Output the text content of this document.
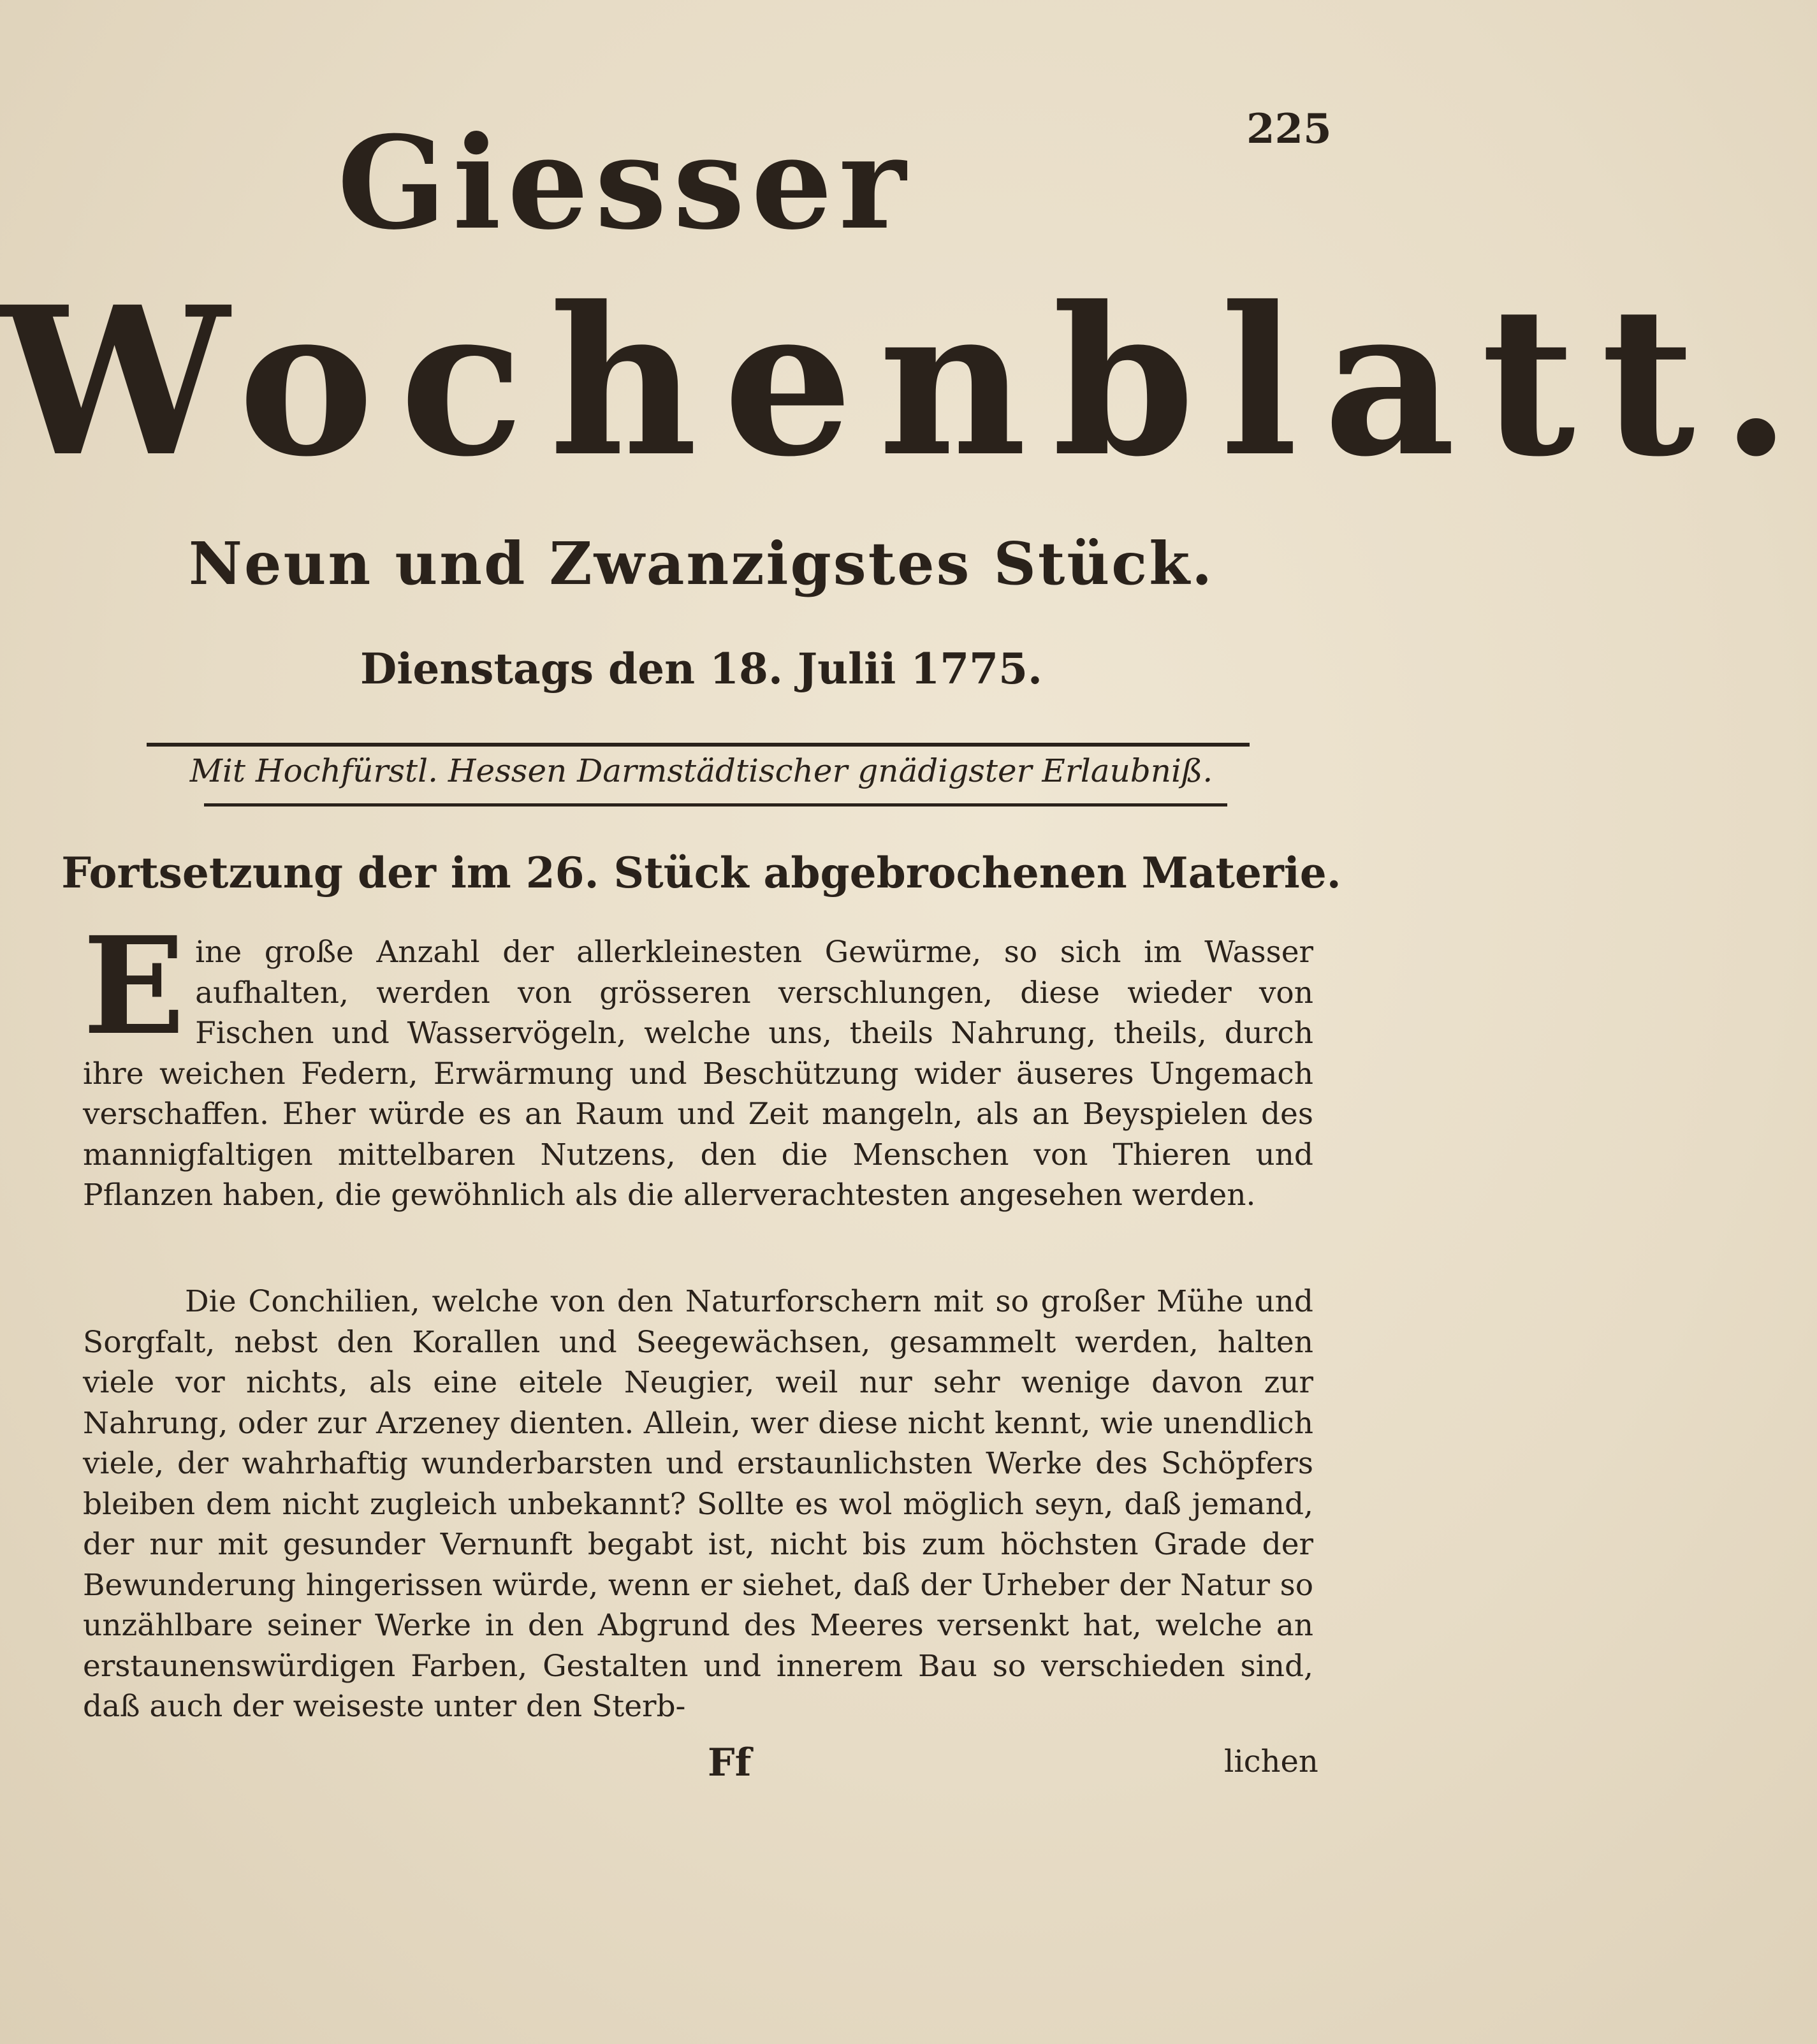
225
Giesser
Wochenblatt.
Neun und Zwanzigstes Stück.
Dienstags den 18. Julii 1775.
Mit Hochfürstl. Hessen Darmstädtischer gnädigster Erlaubniß.
Fortsetzung der im 26. Stück abgebrochenen Materie.
Eine große Anzahl der allerkleinesten Gewürme, so sich im Wasser aufhalten, werden von grösseren verschlungen, diese wieder von Fischen und Wasservögeln, welche uns, theils Nahrung, theils, durch ihre weichen Federn, Erwärmung und Beschützung wider äuseres Ungemach verschaffen. Eher würde es an Raum und Zeit mangeln, als an Beyspielen des mannigfaltigen mittelbaren Nutzens, den die Menschen von Thieren und Pflanzen haben, die gewöhnlich als die allerverachtesten angesehen werden.
Die Conchilien, welche von den Naturforschern mit so großer Mühe und Sorgfalt, nebst den Korallen und Seegewächsen, gesammelt werden, halten viele vor nichts, als eine eitele Neugier, weil nur sehr wenige davon zur Nahrung, oder zur Arzeney dienten. Allein, wer diese nicht kennt, wie unendlich viele, der wahrhaftig wunderbarsten und erstaunlichsten Werke des Schöpfers bleiben dem nicht zugleich unbekannt? Sollte es wol möglich seyn, daß jemand, der nur mit gesunder Vernunft begabt ist, nicht bis zum höchsten Grade der Bewunderung hingerissen würde, wenn er siehet, daß der Urheber der Natur so unzählbare seiner Werke in den Abgrund des Meeres versenkt hat, welche an erstaunenswürdigen Farben, Gestalten und innerem Bau so verschieden sind, daß auch der weiseste unter den Sterb-
Ff	lichen
